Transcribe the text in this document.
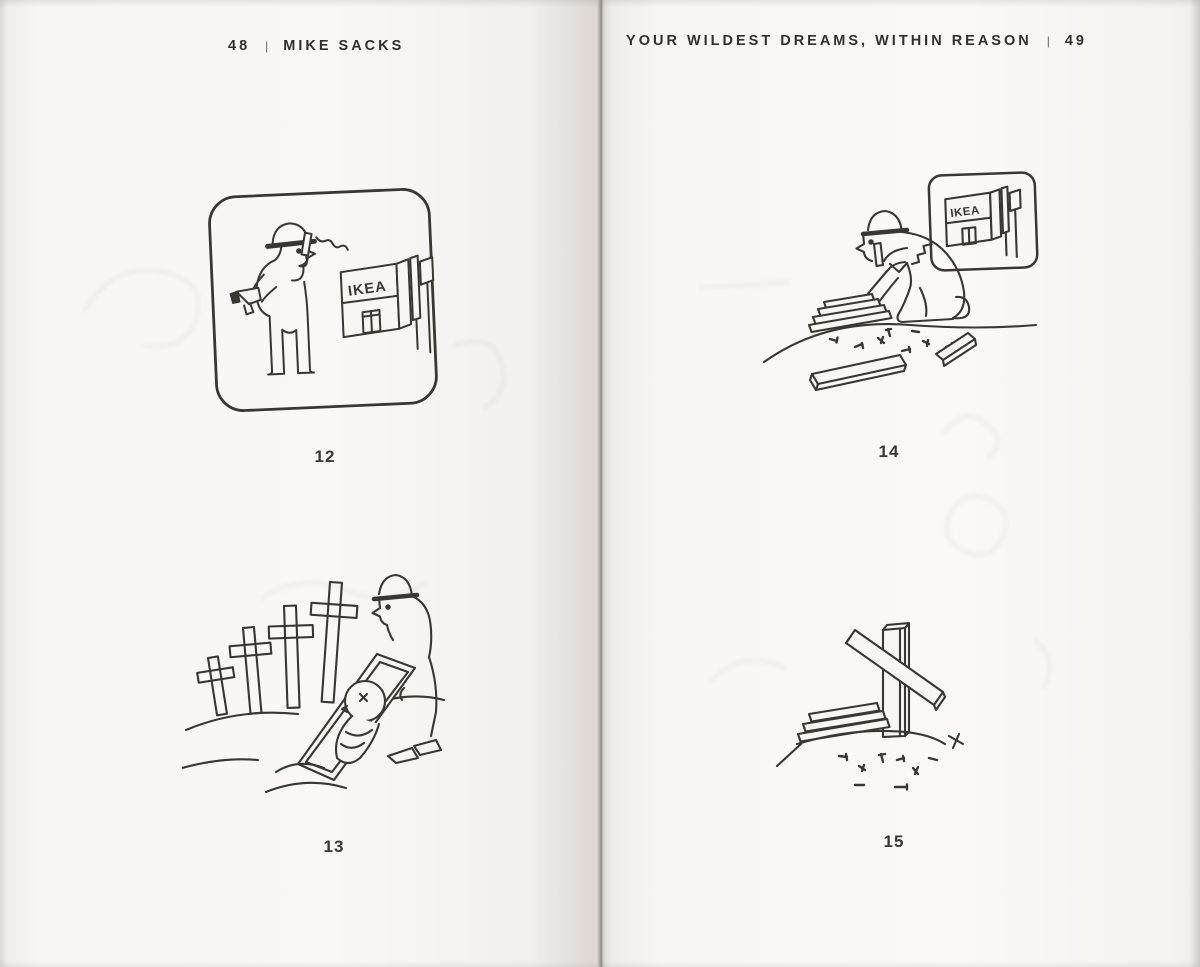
48 | MIKE SACKS	YOUR WILDEST DREAMS, WITHIN REASON | 49
IKEA
12
13
IKEA
14
15
